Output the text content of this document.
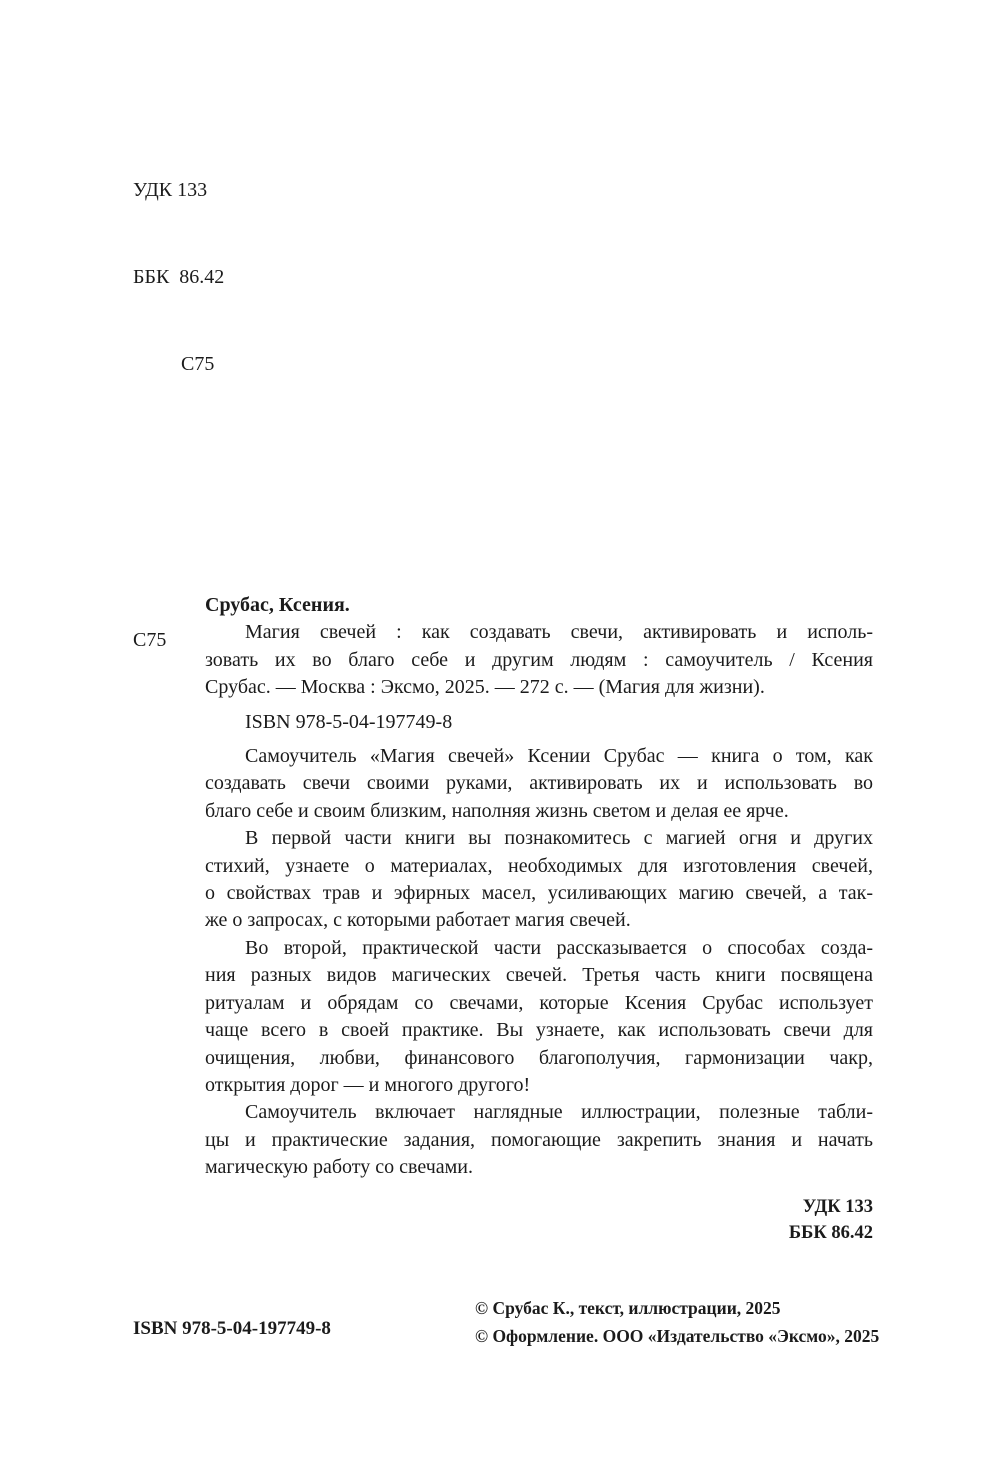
УДК 133

ББК  86.42

С75

С75
Срубас, Ксения.
Магия свечей : как создавать свечи, активировать и исполь-
зовать их во благо себе и другим людям : самоучитель / Ксения
Срубас. — Москва : Эксмо, 2025. — 272 с. — (Магия для жизни).
ISBN 978-5-04-197749-8
Самоучитель «Магия свечей» Ксении Срубас — книга о том, как
создавать свечи своими руками, активировать их и использовать во
благо себе и своим близким, наполняя жизнь светом и делая ее ярче.
В первой части книги вы познакомитесь с магией огня и других
стихий, узнаете о материалах, необходимых для изготовления свечей,
о свойствах трав и эфирных масел, усиливающих магию свечей, а так-
же о запросах, с которыми работает магия свечей.
Во второй, практической части рассказывается о способах созда-
ния разных видов магических свечей. Третья часть книги посвящена
ритуалам и обрядам со свечами, которые Ксения Срубас использует
чаще всего в своей практике. Вы узнаете, как использовать свечи для
очищения, любви, финансового благополучия, гармонизации чакр,
открытия дорог — и многого другого!
Самоучитель включает наглядные иллюстрации, полезные табли-
цы и практические задания, помогающие закрепить знания и начать
магическую работу со свечами.
УДК 133
ББК 86.42
ISBN 978-5-04-197749-8
© Срубас К., текст, иллюстрации, 2025
© Оформление. ООО «Издательство «Эксмо», 2025
